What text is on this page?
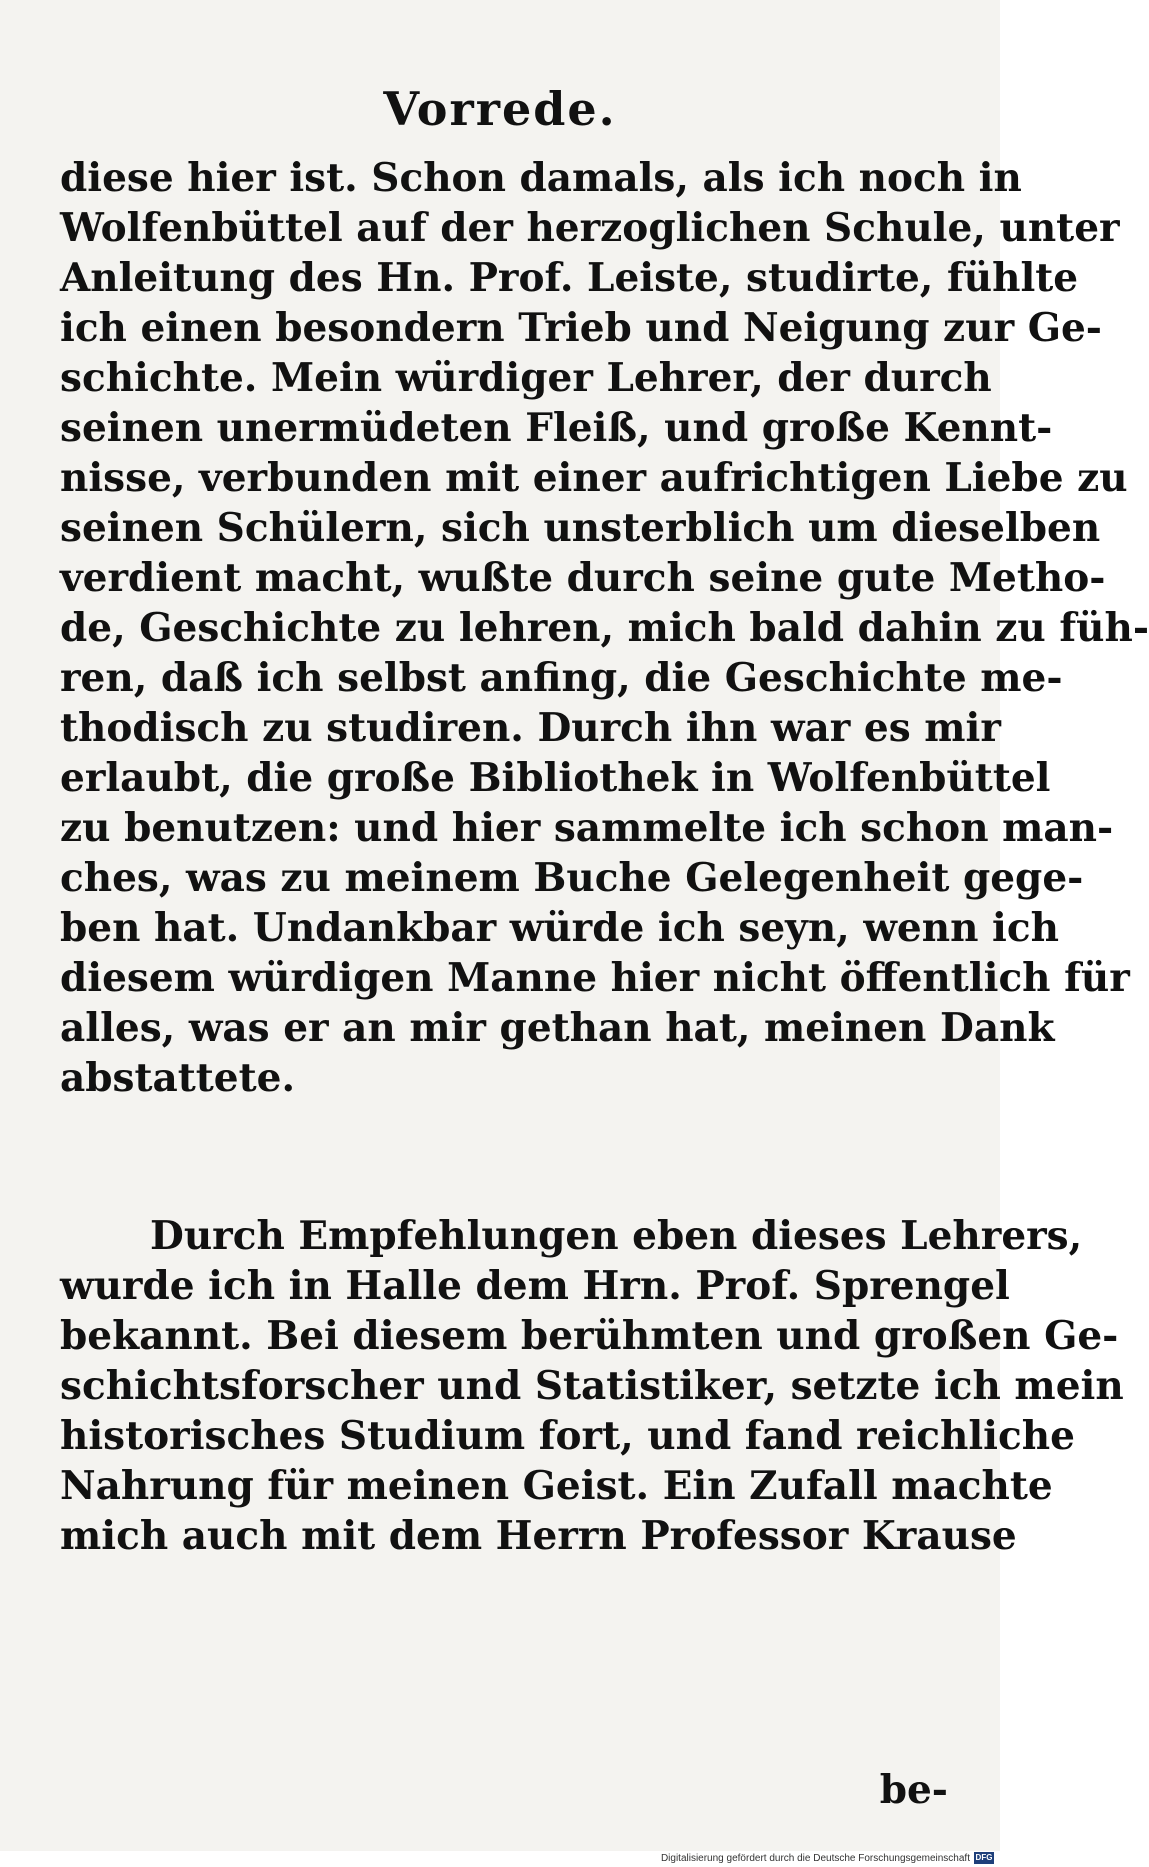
Vorrede.
diese hier ist. Schon damals, als ich noch in
Wolfenbüttel auf der herzoglichen Schule, unter
Anleitung des Hn. Prof. Leiste, studirte, fühlte
ich einen besondern Trieb und Neigung zur Ge-
schichte. Mein würdiger Lehrer, der durch
seinen unermüdeten Fleiß, und große Kennt-
nisse, verbunden mit einer aufrichtigen Liebe zu
seinen Schülern, sich unsterblich um dieselben
verdient macht, wußte durch seine gute Metho-
de, Geschichte zu lehren, mich bald dahin zu füh-
ren, daß ich selbst anfing, die Geschichte me-
thodisch zu studiren. Durch ihn war es mir
erlaubt, die große Bibliothek in Wolfenbüttel
zu benutzen: und hier sammelte ich schon man-
ches, was zu meinem Buche Gelegenheit gege-
ben hat. Undankbar würde ich seyn, wenn ich
diesem würdigen Manne hier nicht öffentlich für
alles, was er an mir gethan hat, meinen Dank
abstattete.
Durch Empfehlungen eben dieses Lehrers,
wurde ich in Halle dem Hrn. Prof. Sprengel
bekannt. Bei diesem berühmten und großen Ge-
schichtsforscher und Statistiker, setzte ich mein
historisches Studium fort, und fand reichliche
Nahrung für meinen Geist. Ein Zufall machte
mich auch mit dem Herrn Professor Krause
be-
Digitalisierung gefördert durch die Deutsche Forschungsgemeinschaft DFG
